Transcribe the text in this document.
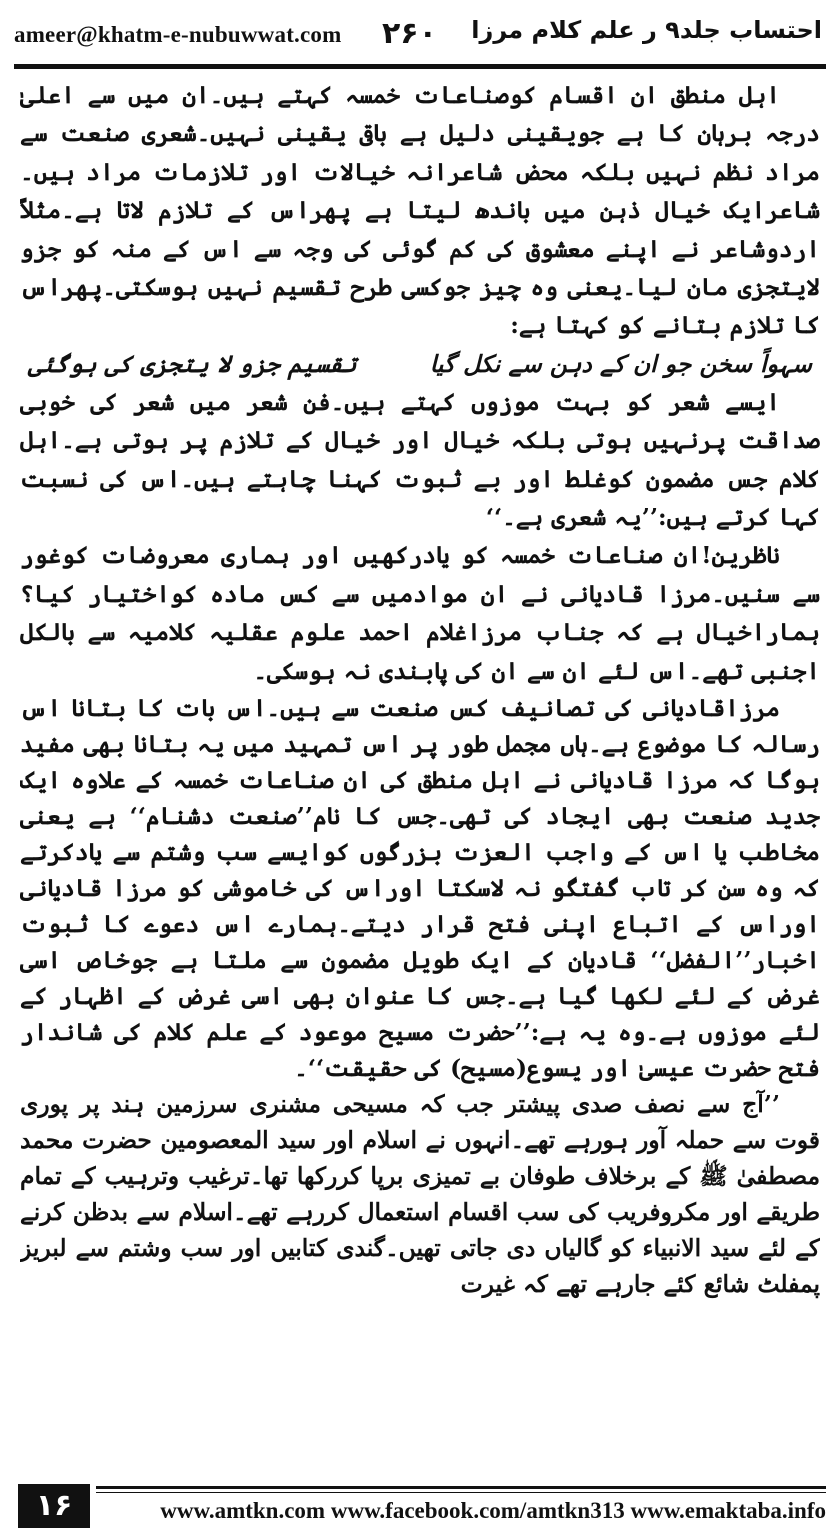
ameer@khatm-e-nubuwwat.com ۲۶۰ احتساب جلد۹ ر علم کلام مرزا

اہل منطق ان اقسام کوصناعات خمسہ کہتے ہیں۔ان میں سے اعلیٰ درجہ برہان کا ہے جویقینی دلیل ہے باقی یقینی نہیں۔شعری صنعت سے مراد نظم نہیں بلکہ محض شاعرانہ خیالات اور تلازمات مراد ہیں۔شاعرایک خیال ذہن میں باندھ لیتا ہے پھراس کے تلازم لاتا ہے۔مثلاً اردوشاعر نے اپنے معشوق کی کم گوئی کی وجہ سے اس کے منہ کو جزو لایتجزی مان لیا۔یعنی وہ چیز جوکسی طرح تقسیم نہیں ہوسکتی۔پھراس کا تلازم بتانے کو کہتا ہے:

سہواً سخن جو ان کے دہن سے نکل گیا
تقسیم جزو لا یتجزی کی ہوگئی

ایسے شعر کو بہت موزوں کہتے ہیں۔فن شعر میں شعر کی خوبی صداقت پرنہیں ہوتی بلکہ خیال اور خیال کے تلازم پر ہوتی ہے۔اہل کلام جس مضمون کوغلط اور بے ثبوت کہنا چاہتے ہیں۔اس کی نسبت کہا کرتے ہیں:’’یہ شعری ہے۔‘‘

ناظرین!ان صناعات خمسہ کو یادرکھیں اور ہماری معروضات کوغور سے سنیں۔مرزا قادیانی نے ان موادمیں سے کس مادہ کواختیار کیا؟ ہماراخیال ہے کہ جناب مرزاغلام احمد علوم عقلیہ کلامیہ سے بالکل اجنبی تھے۔اس لئے ان سے ان کی پابندی نہ ہوسکی۔

مرزاقادیانی کی تصانیف کس صنعت سے ہیں۔اس بات کا بتانا اس رسالہ کا موضوع ہے۔ہاں مجمل طور پر اس تمہید میں یہ بتانا بھی مفید ہوگا کہ مرزا قادیانی نے اہل منطق کی ان صناعات خمسہ کے علاوہ ایک جدید صنعت بھی ایجاد کی تھی۔جس کا نام’’صنعت دشنام‘‘ ہے یعنی مخاطب یا اس کے واجب العزت بزرگوں کوایسے سب وشتم سے یادکرتے کہ وہ سن کر تاب گفتگو نہ لاسکتا اوراس کی خاموشی کو مرزا قادیانی اوراس کے اتباع اپنی فتح قرار دیتے۔ہمارے اس دعوے کا ثبوت اخبار’’الفضل‘‘ قادیان کے ایک طویل مضمون سے ملتا ہے جوخاص اسی غرض کے لئے لکھا گیا ہے۔جس کا عنوان بھی اسی غرض کے اظہار کے لئے موزوں ہے۔وہ یہ ہے:’’حضرت مسیح موعود کے علم کلام کی شاندار فتح حضرت عیسیٰ اور یسوع(مسیح) کی حقیقت‘‘۔

’’آج سے نصف صدی پیشتر جب کہ مسیحی مشنری سرزمین ہند پر پوری قوت سے حملہ آور ہورہے تھے۔انہوں نے اسلام اور سید المعصومین حضرت محمد مصطفیٰ ﷺ کے برخلاف طوفان بے تمیزی برپا کررکھا تھا۔ترغیب وترہیب کے تمام طریقے اور مکروفریب کی سب اقسام استعمال کررہے تھے۔اسلام سے بدظن کرنے کے لئے سید الانبیاء کو گالیاں دی جاتی تھیں۔گندی کتابیں اور سب وشتم سے لبریز پمفلٹ شائع کئے جارہے تھے کہ غیرت

۱۶	www.amtkn.com www.facebook.com/amtkn313 www.emaktaba.info
